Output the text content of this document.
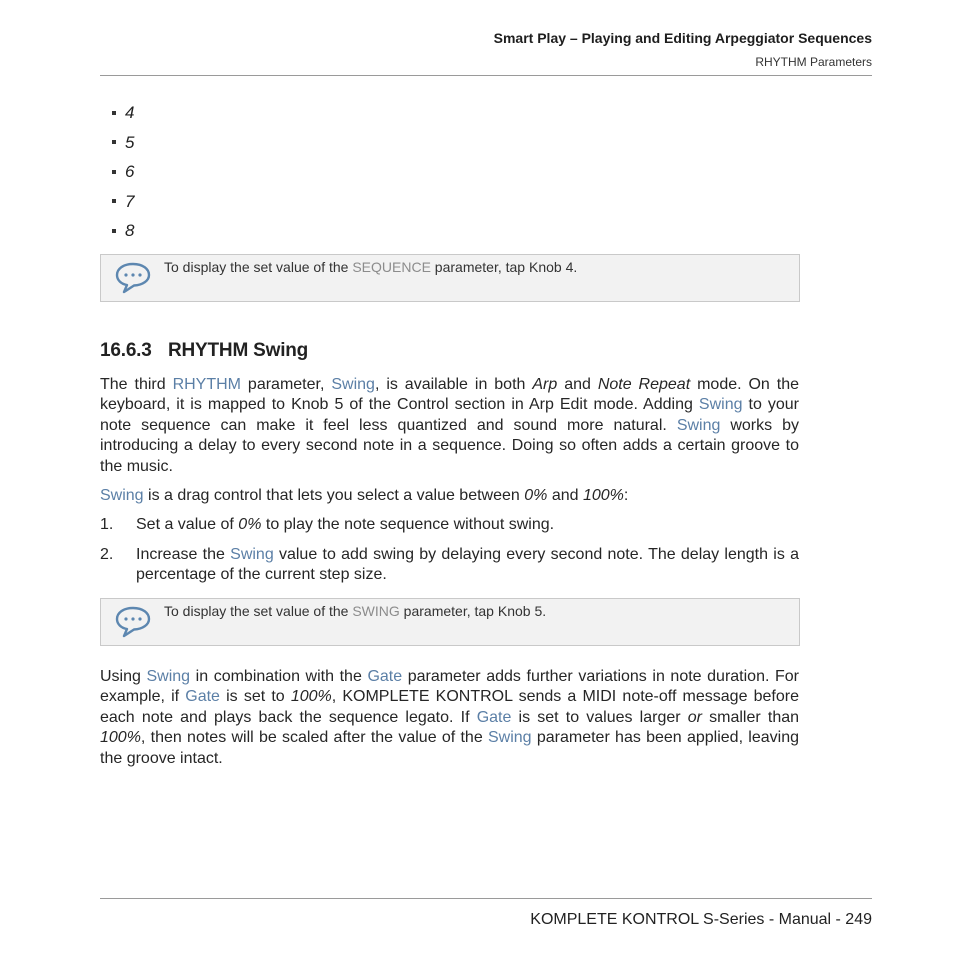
Smart Play – Playing and Editing Arpeggiator Sequences
RHYTHM Parameters
4
5
6
7
8
To display the set value of the SEQUENCE parameter, tap Knob 4.
16.6.3 RHYTHM Swing

The third RHYTHM parameter, Swing, is available in both Arp and Note Repeat mode. On the keyboard, it is mapped to Knob 5 of the Control section in Arp Edit mode. Adding Swing to your note sequence can make it feel less quantized and sound more natural. Swing works by introducing a delay to every second note in a sequence. Doing so often adds a certain groove to the music.

Swing is a drag control that lets you select a value between 0% and 100%:

1. Set a value of 0% to play the note sequence without swing.
2. Increase the Swing value to add swing by delaying every second note. The delay length is a percentage of the current step size.
To display the set value of the SWING parameter, tap Knob 5.

Using Swing in combination with the Gate parameter adds further variations in note duration. For example, if Gate is set to 100%, KOMPLETE KONTROL sends a MIDI note-off message before each note and plays back the sequence legato. If Gate is set to values larger or smaller than 100%, then notes will be scaled after the value of the Swing parameter has been applied, leaving the groove intact.

KOMPLETE KONTROL S-Series - Manual - 249
